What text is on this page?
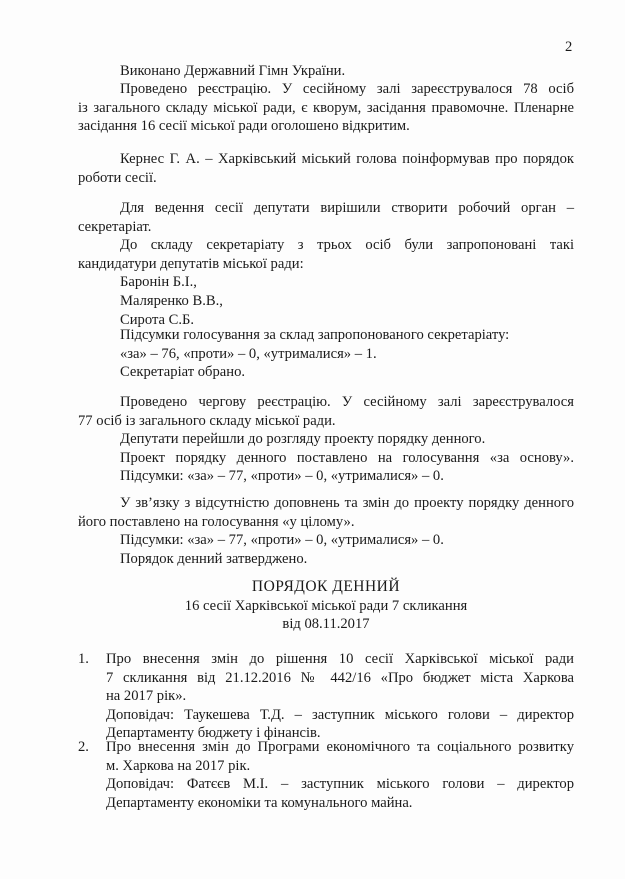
2
Виконано Державний Гімн України.
Проведено реєстрацію. У сесійному залі зареєструвалося 78 осіб
із загального складу міської ради, є кворум, засідання правомочне. Пленарне
засідання 16 сесії міської ради оголошено відкритим.
Кернес Г. А. – Харківський міський голова поінформував про порядок
роботи сесії.
Для ведення сесії депутати вирішили створити робочий орган –
секретаріат.
До складу секретаріату з трьох осіб були запропоновані такі
кандидатури депутатів міської ради:
Баронін Б.І.,
Маляренко В.В.,
Сирота С.Б.
Підсумки голосування за склад запропонованого секретаріату:
«за» – 76, «проти» – 0, «утрималися» – 1.
Секретаріат обрано.
Проведено чергову реєстрацію. У сесійному залі зареєструвалося
77 осіб із загального складу міської ради.
Депутати перейшли до розгляду проекту порядку денного.
Проект порядку денного поставлено на голосування «за основу».
Підсумки: «за» – 77, «проти» – 0, «утрималися» – 0.
У зв’язку з відсутністю доповнень та змін до проекту порядку денного
його поставлено на голосування «у цілому».
Підсумки: «за» – 77, «проти» – 0, «утрималися» – 0.
Порядок денний затверджено.
ПОРЯДОК ДЕННИЙ
16 сесії Харківської міської ради 7 скликання
від 08.11.2017
1. Про внесення змін до рішення 10 сесії Харківської міської ради
7 скликання від 21.12.2016 № 442/16 «Про бюджет міста Харкова
на 2017 рік».
Доповідач: Таукешева Т.Д. – заступник міського голови – директор
Департаменту бюджету і фінансів.
2. Про внесення змін до Програми економічного та соціального розвитку
м. Харкова на 2017 рік.
Доповідач: Фатєєв М.І. – заступник міського голови – директор
Департаменту економіки та комунального майна.
